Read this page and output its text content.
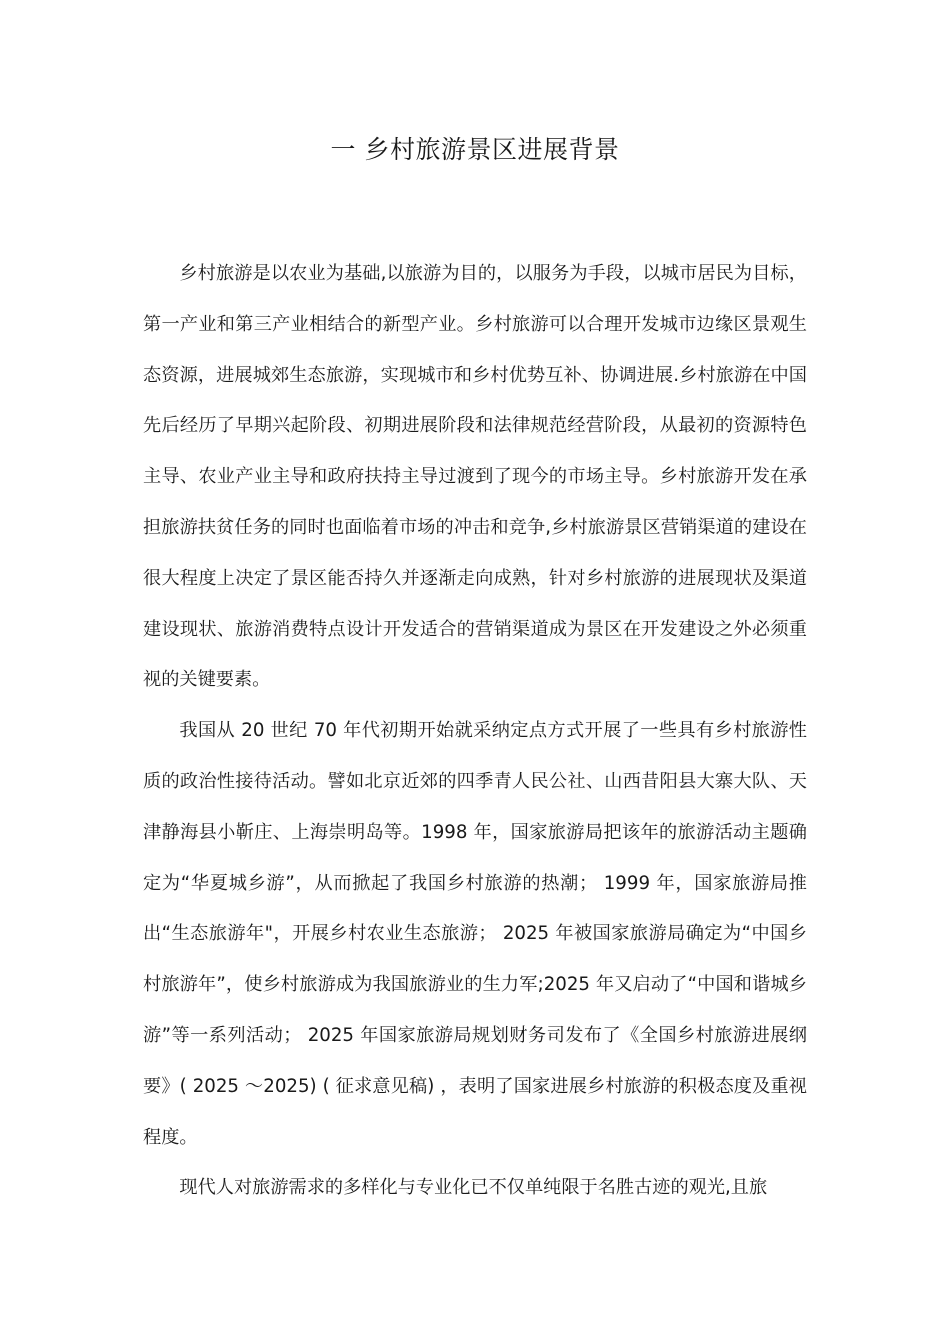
一 乡村旅游景区进展背景

乡村旅游是以农业为基础,以旅游为目的，以服务为手段，以城市居民为目标，第一产业和第三产业相结合的新型产业。乡村旅游可以合理开发城市边缘区景观生态资源，进展城郊生态旅游，实现城市和乡村优势互补、协调进展.乡村旅游在中国先后经历了早期兴起阶段、初期进展阶段和法律规范经营阶段，从最初的资源特色主导、农业产业主导和政府扶持主导过渡到了现今的市场主导。乡村旅游开发在承担旅游扶贫任务的同时也面临着市场的冲击和竞争,乡村旅游景区营销渠道的建设在很大程度上决定了景区能否持久并逐渐走向成熟，针对乡村旅游的进展现状及渠道建设现状、旅游消费特点设计开发适合的营销渠道成为景区在开发建设之外必须重视的关键要素。

我国从 20 世纪 70 年代初期开始就采纳定点方式开展了一些具有乡村旅游性质的政治性接待活动。譬如北京近郊的四季青人民公社、山西昔阳县大寨大队、天津静海县小靳庄、上海崇明岛等。1998 年，国家旅游局把该年的旅游活动主题确定为“华夏城乡游”，从而掀起了我国乡村旅游的热潮； 1999 年，国家旅游局推出“生态旅游年"，开展乡村农业生态旅游； 2025 年被国家旅游局确定为“中国乡村旅游年”，使乡村旅游成为我国旅游业的生力军;2025 年又启动了“中国和谐城乡游”等一系列活动； 2025 年国家旅游局规划财务司发布了《全国乡村旅游进展纲要》( 2025 ～2025) ( 征求意见稿) ，表明了国家进展乡村旅游的积极态度及重视程度。

现代人对旅游需求的多样化与专业化已不仅单纯限于名胜古迹的观光,且旅
